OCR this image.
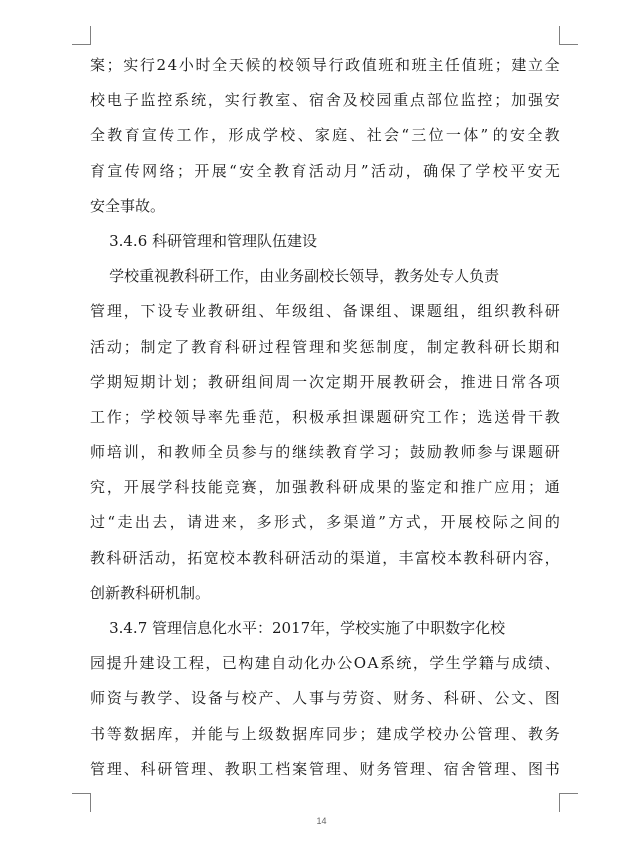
案 ； 实 行 2 4 小 时 全 天 候 的 校 领 导 行 政 值 班 和 班 主 任 值 班 ； 建 立 全
校 电 子 监 控 系 统 ， 实 行 教 室 、 宿 舍 及 校 园 重 点 部 位 监 控 ； 加 强 安
全 教 育 宣 传 工 作 ， 形 成 学 校 、 家 庭 、 社 会 “ 三 位 一 体 ” 的 安 全 教
育 宣 传 网 络 ； 开 展 “ 安 全 教 育 活 动 月 ” 活 动 ， 确 保 了 学 校 平 安 无
安全事故。
3.4.6 科研管理和管理队伍建设
学校重视教科研工作，由业务副校长领导，教务处专人负责
管 理 ， 下 设 专 业 教 研 组 、 年 级 组 、 备 课 组 、 课 题 组 ， 组 织 教 科 研
活 动 ； 制 定 了 教 育 科 研 过 程 管 理 和 奖 惩 制 度 ， 制 定 教 科 研 长 期 和
学 期 短 期 计 划 ； 教 研 组 间 周 一 次 定 期 开 展 教 研 会 ， 推 进 日 常 各 项
工 作 ； 学 校 领 导 率 先 垂 范 ， 积 极 承 担 课 题 研 究 工 作 ； 选 送 骨 干 教
师 培 训 ， 和 教 师 全 员 参 与 的 继 续 教 育 学 习 ； 鼓 励 教 师 参 与 课 题 研
究 ， 开 展 学 科 技 能 竞 赛 ， 加 强 教 科 研 成 果 的 鉴 定 和 推 广 应 用 ； 通
过 “ 走 出 去 ， 请 进 来 ， 多 形 式 ， 多 渠 道 ” 方 式 ， 开 展 校 际 之 间 的
教 科 研 活 动 ， 拓 宽 校 本 教 科 研 活 动 的 渠 道 ， 丰 富 校 本 教 科 研 内 容 ，
创新教科研机制。
3.4.7 管理信息化水平：2017年，学校实施了中职数字化校
园 提 升 建 设 工 程 ， 已 构 建 自 动 化 办 公 O A 系 统 ， 学 生 学 籍 与 成 绩 、
师 资 与 教 学 、 设 备 与 校 产 、 人 事 与 劳 资 、 财 务 、 科 研 、 公 文 、 图
书 等 数 据 库 ， 并 能 与 上 级 数 据 库 同 步 ； 建 成 学 校 办 公 管 理 、 教 务
管 理 、 科 研 管 理 、 教 职 工 档 案 管 理 、 财 务 管 理 、 宿 舍 管 理 、 图 书
14
